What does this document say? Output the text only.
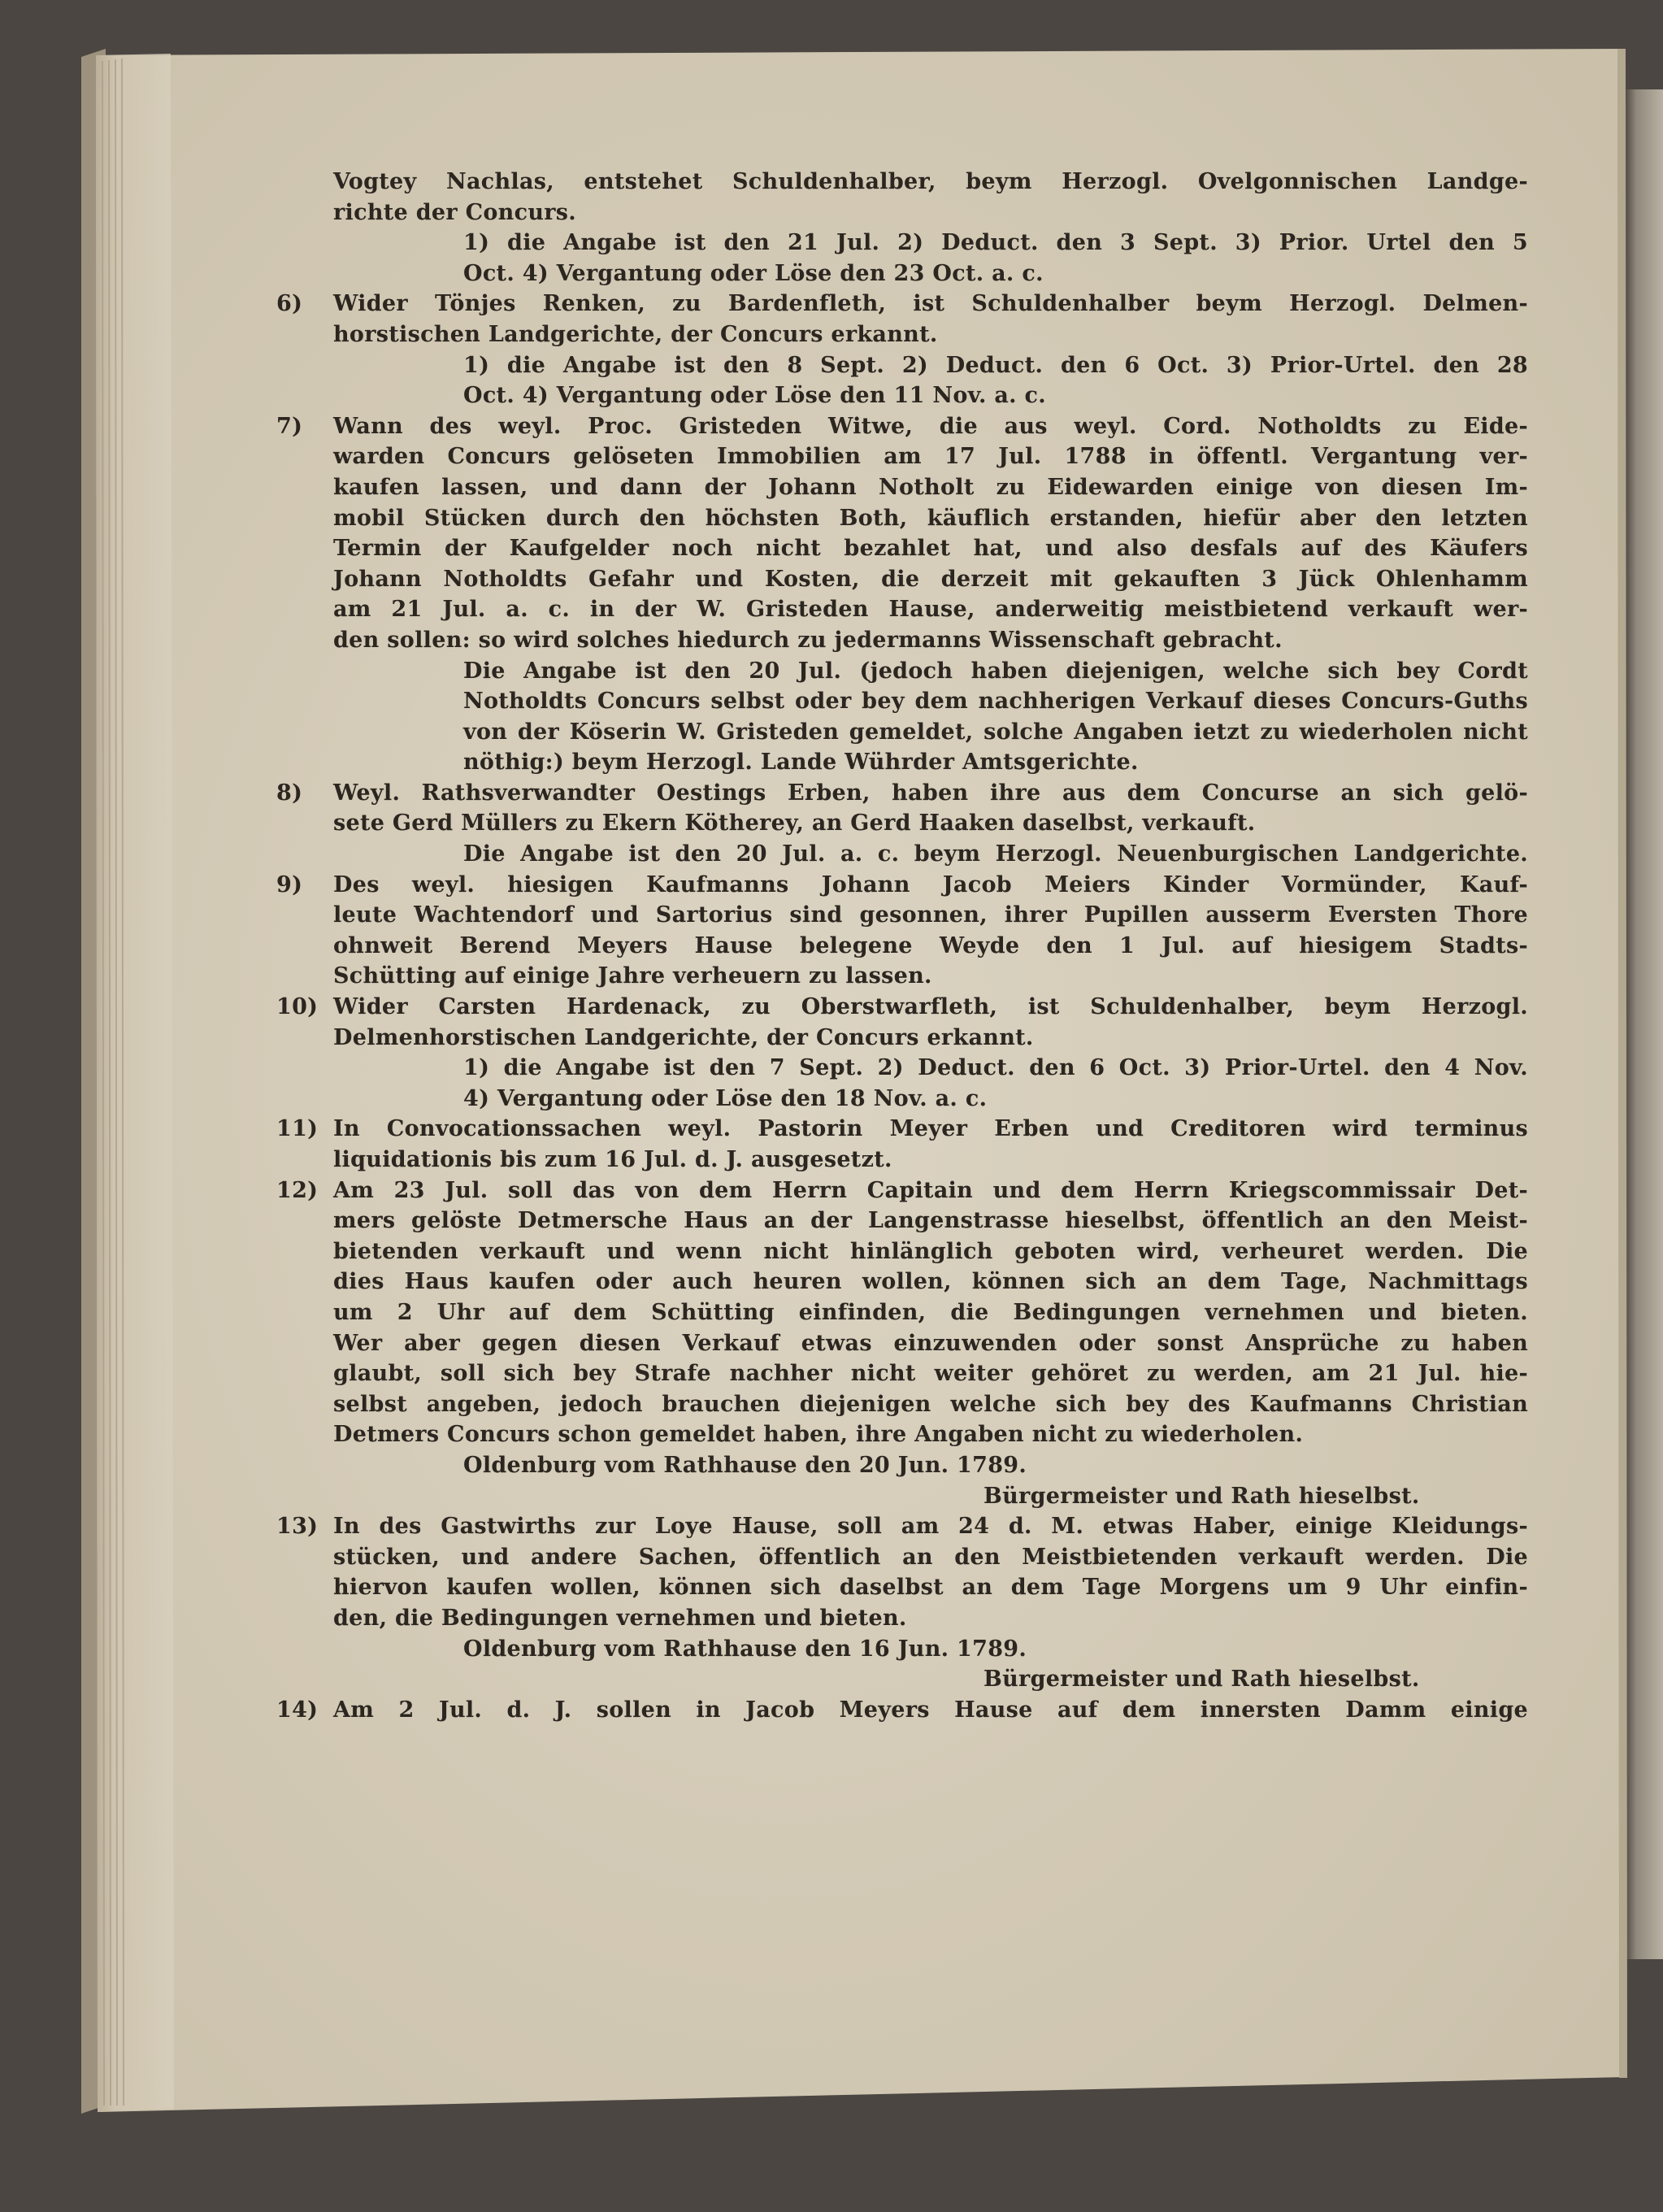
Vogtey Nachlas, entstehet Schuldenhalber, beym Herzogl. Ovelgonnischen Landge-
richte der Concurs.
1) die Angabe ist den 21 Jul. 2) Deduct. den 3 Sept. 3) Prior. Urtel den 5
Oct. 4) Vergantung oder Löse den 23 Oct. a. c.
6)	Wider Tönjes Renken, zu Bardenfleth, ist Schuldenhalber beym Herzogl. Delmen-
horstischen Landgerichte, der Concurs erkannt.
1) die Angabe ist den 8 Sept. 2) Deduct. den 6 Oct. 3) Prior-Urtel. den 28
Oct. 4) Vergantung oder Löse den 11 Nov. a. c.
7)	Wann des weyl. Proc. Gristeden Witwe, die aus weyl. Cord. Notholdts zu Eide-
warden Concurs gelöseten Immobilien am 17 Jul. 1788 in öffentl. Vergantung ver-
kaufen lassen, und dann der Johann Notholt zu Eidewarden einige von diesen Im-
mobil Stücken durch den höchsten Both, käuflich erstanden, hiefür aber den letzten
Termin der Kaufgelder noch nicht bezahlet hat, und also desfals auf des Käufers
Johann Notholdts Gefahr und Kosten, die derzeit mit gekauften 3 Jück Ohlenhamm
am 21 Jul. a. c. in der W. Gristeden Hause, anderweitig meistbietend verkauft wer-
den sollen: so wird solches hiedurch zu jedermanns Wissenschaft gebracht.
Die Angabe ist den 20 Jul. (jedoch haben diejenigen, welche sich bey Cordt
Notholdts Concurs selbst oder bey dem nachherigen Verkauf dieses Concurs-Guths
von der Köserin W. Gristeden gemeldet, solche Angaben ietzt zu wiederholen nicht
nöthig:) beym Herzogl. Lande Wührder Amtsgerichte.
8)	Weyl. Rathsverwandter Oestings Erben, haben ihre aus dem Concurse an sich gelö-
sete Gerd Müllers zu Ekern Kötherey, an Gerd Haaken daselbst, verkauft.
Die Angabe ist den 20 Jul. a. c. beym Herzogl. Neuenburgischen Landgerichte.
9)	Des weyl. hiesigen Kaufmanns Johann Jacob Meiers Kinder Vormünder, Kauf-
leute Wachtendorf und Sartorius sind gesonnen, ihrer Pupillen ausserm Eversten Thore
ohnweit Berend Meyers Hause belegene Weyde den 1 Jul. auf hiesigem Stadts-
Schütting auf einige Jahre verheuern zu lassen.
10) Wider Carsten Hardenack, zu Oberstwarfleth, ist Schuldenhalber, beym Herzogl.
Delmenhorstischen Landgerichte, der Concurs erkannt.
1) die Angabe ist den 7 Sept. 2) Deduct. den 6 Oct. 3) Prior-Urtel. den 4 Nov.
4) Vergantung oder Löse den 18 Nov. a. c.
11) In Convocationssachen weyl. Pastorin Meyer Erben und Creditoren wird terminus
liquidationis bis zum 16 Jul. d. J. ausgesetzt.
12) Am 23 Jul. soll das von dem Herrn Capitain und dem Herrn Kriegscommissair Det-
mers gelöste Detmersche Haus an der Langenstrasse hieselbst, öffentlich an den Meist-
bietenden verkauft und wenn nicht hinlänglich geboten wird, verheuret werden. Die
dies Haus kaufen oder auch heuren wollen, können sich an dem Tage, Nachmittags
um 2 Uhr auf dem Schütting einfinden, die Bedingungen vernehmen und bieten.
Wer aber gegen diesen Verkauf etwas einzuwenden oder sonst Ansprüche zu haben
glaubt, soll sich bey Strafe nachher nicht weiter gehöret zu werden, am 21 Jul. hie-
selbst angeben, jedoch brauchen diejenigen welche sich bey des Kaufmanns Christian
Detmers Concurs schon gemeldet haben, ihre Angaben nicht zu wiederholen.
Oldenburg vom Rathhause den 20 Jun. 1789.
Bürgermeister und Rath hieselbst.
13) In des Gastwirths zur Loye Hause, soll am 24 d. M. etwas Haber, einige Kleidungs-
stücken, und andere Sachen, öffentlich an den Meistbietenden verkauft werden. Die
hiervon kaufen wollen, können sich daselbst an dem Tage Morgens um 9 Uhr einfin-
den, die Bedingungen vernehmen und bieten.
Oldenburg vom Rathhause den 16 Jun. 1789.
Bürgermeister und Rath hieselbst.
14) Am 2 Jul. d. J. sollen in Jacob Meyers Hause auf dem innersten Damm einige
